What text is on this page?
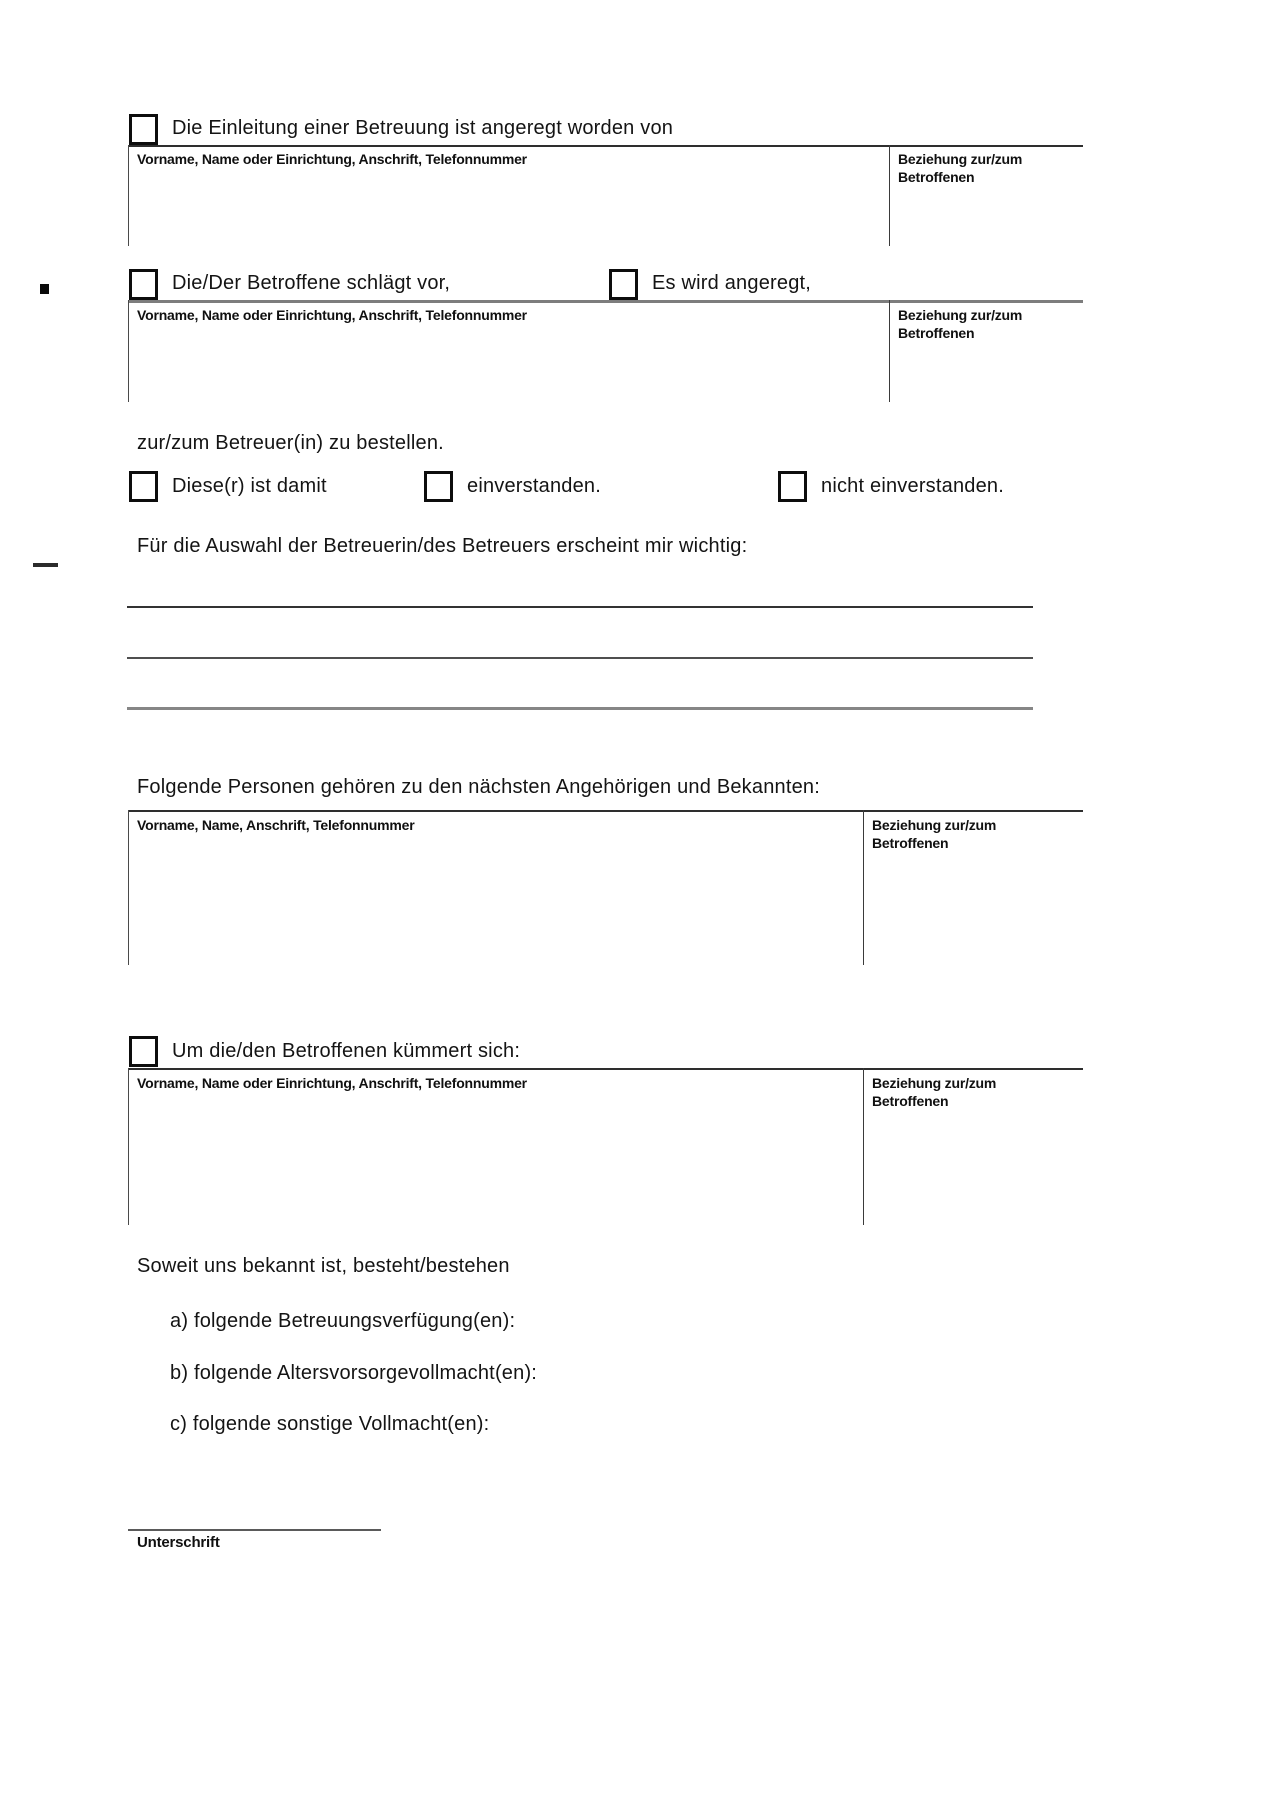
Die Einleitung einer Betreuung ist angeregt worden von
Vorname, Name oder Einrichtung, Anschrift, Telefonnummer	Beziehung zur/zum Betroffenen
Die/Der Betroffene schlägt vor,	Es wird angeregt,
Vorname, Name oder Einrichtung, Anschrift, Telefonnummer	Beziehung zur/zum Betroffenen
zur/zum Betreuer(in) zu bestellen.
Diese(r) ist damit	einverstanden.	nicht einverstanden.
Für die Auswahl der Betreuerin/des Betreuers erscheint mir wichtig:
Folgende Personen gehören zu den nächsten Angehörigen und Bekannten:
Vorname, Name, Anschrift, Telefonnummer	Beziehung zur/zum Betroffenen
Um die/den Betroffenen kümmert sich:
Vorname, Name oder Einrichtung, Anschrift, Telefonnummer	Beziehung zur/zum Betroffenen
Soweit uns bekannt ist, besteht/bestehen
a) folgende Betreuungsverfügung(en):
b) folgende Altersvorsorgevollmacht(en):
c) folgende sonstige Vollmacht(en):
Unterschrift
